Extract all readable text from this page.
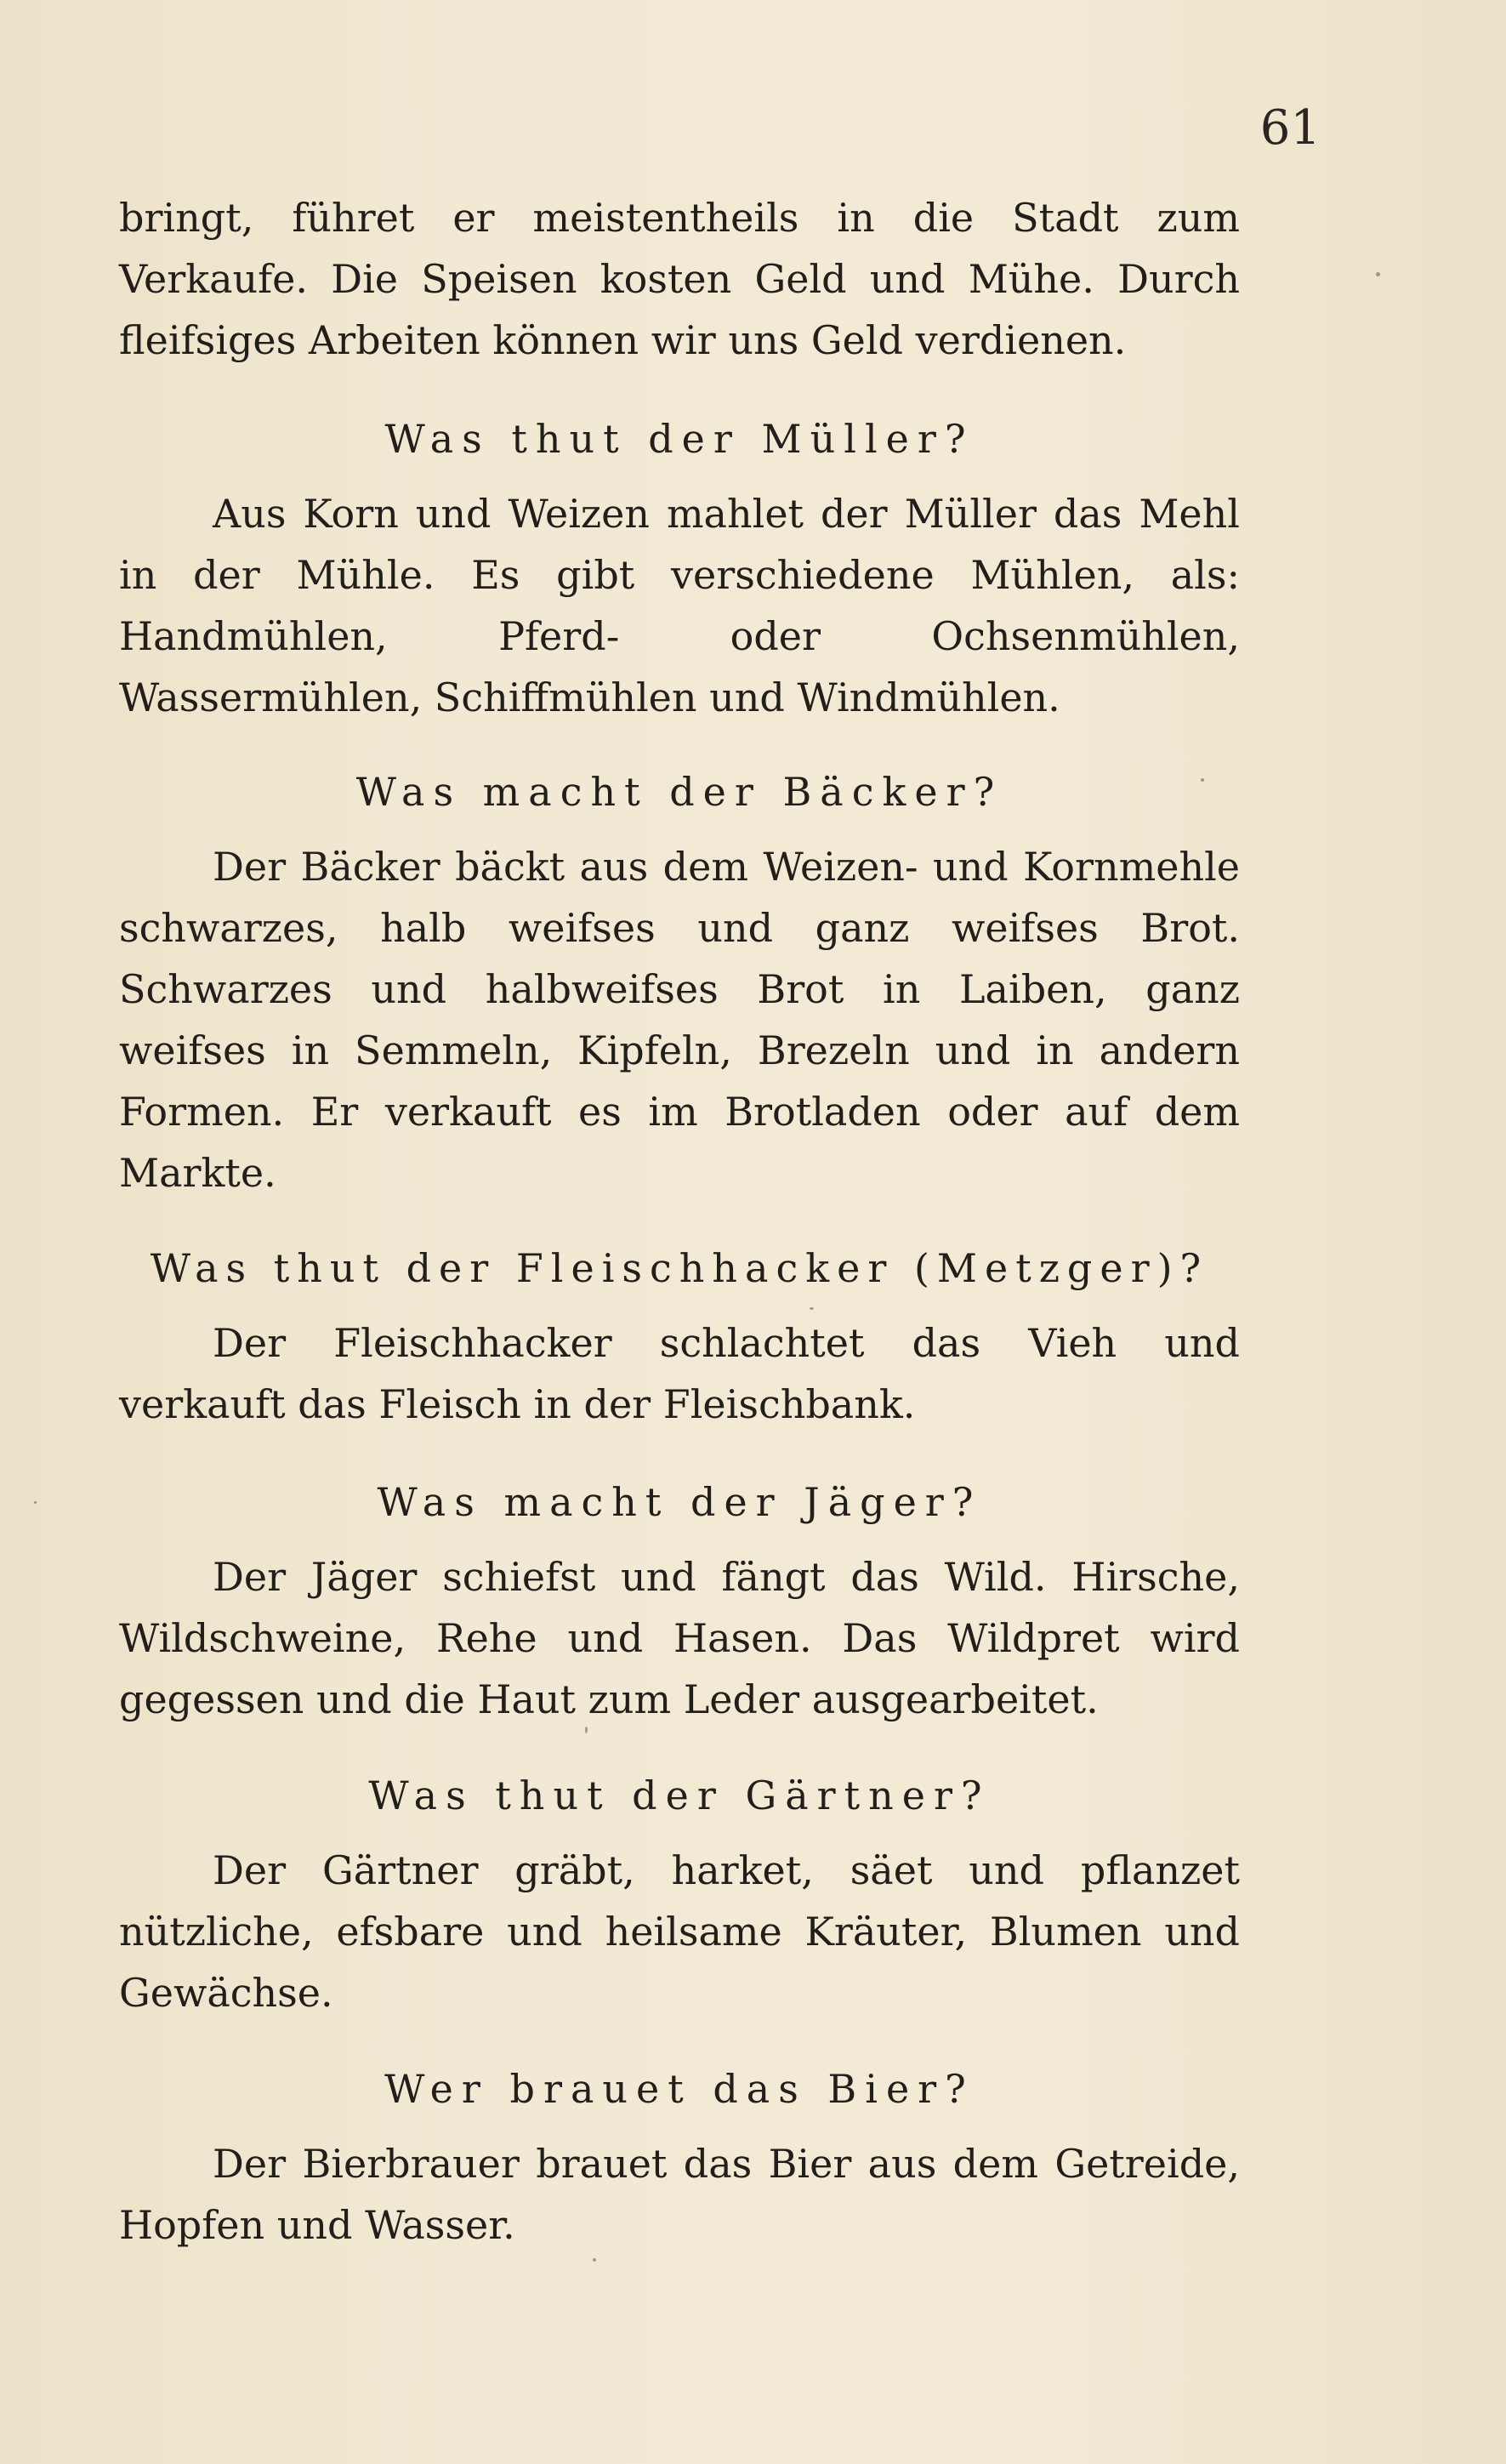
61

bringt, führet er meistentheils in die Stadt zum Verkaufe. Die Speisen kosten Geld und Mühe. Durch fleifsiges Arbeiten können wir uns Geld verdienen.

Was thut der Müller?

Aus Korn und Weizen mahlet der Müller das Mehl in der Mühle. Es gibt verschiedene Mühlen, als: Handmühlen, Pferd- oder Ochsenmühlen, Wassermühlen, Schiffmühlen und Windmühlen.

Was macht der Bäcker?

Der Bäcker bäckt aus dem Weizen- und Kornmehle schwarzes, halb weifses und ganz weifses Brot. Schwarzes und halbweifses Brot in Laiben, ganz weifses in Semmeln, Kipfeln, Brezeln und in andern Formen. Er verkauft es im Brotladen oder auf dem Markte.

Was thut der Fleischhacker (Metzger)?

Der Fleischhacker schlachtet das Vieh und verkauft das Fleisch in der Fleischbank.

Was macht der Jäger?

Der Jäger schiefst und fängt das Wild. Hirsche, Wildschweine, Rehe und Hasen. Das Wildpret wird gegessen und die Haut zum Leder ausgearbeitet.

Was thut der Gärtner?

Der Gärtner gräbt, harket, säet und pflanzet nützliche, efsbare und heilsame Kräuter, Blumen und Gewächse.

Wer brauet das Bier?

Der Bierbrauer brauet das Bier aus dem Getreide, Hopfen und Wasser.
